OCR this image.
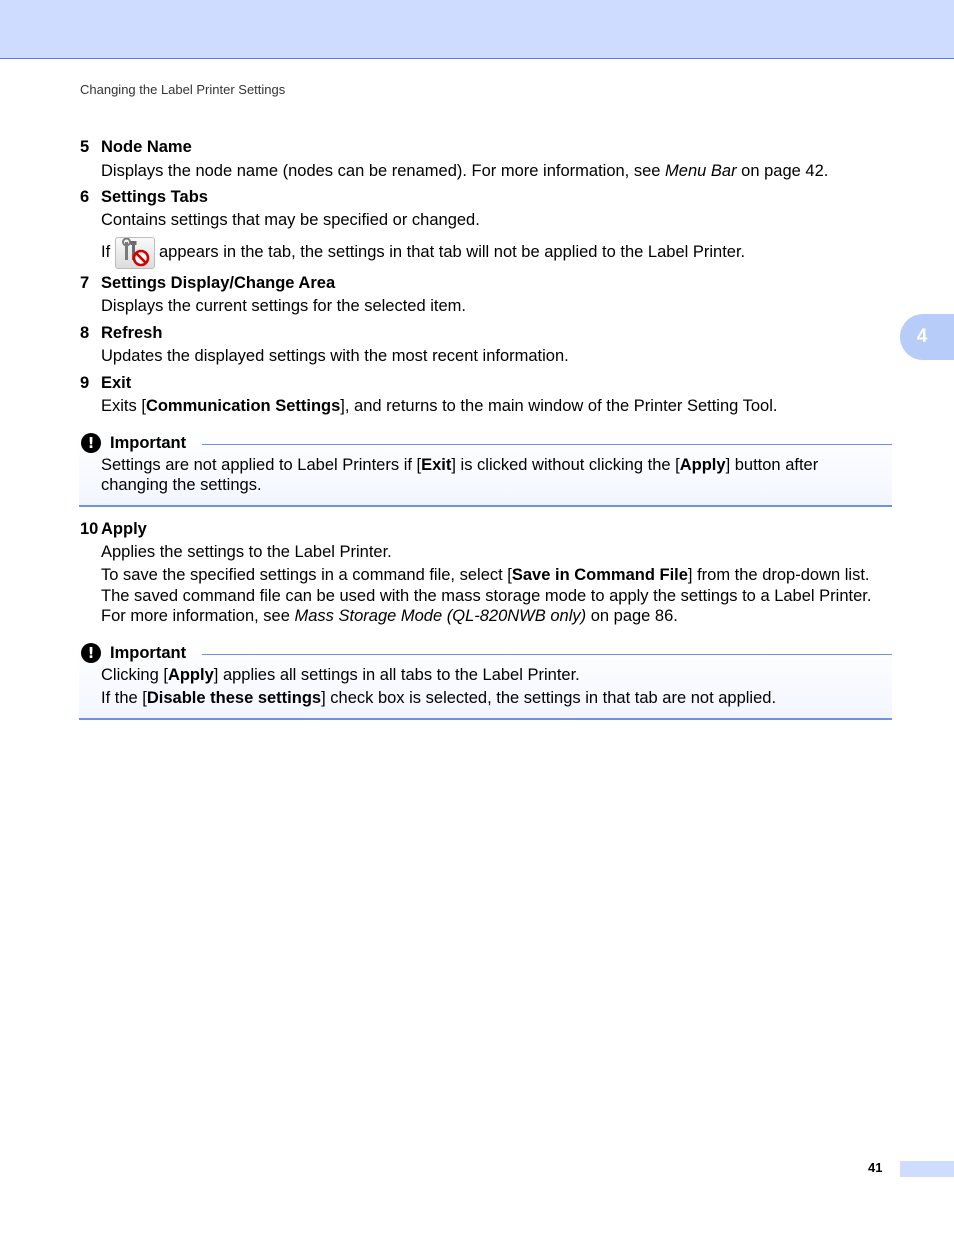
Changing the Label Printer Settings
4
5 Node Name
Displays the node name (nodes can be renamed). For more information, see Menu Bar on page 42.
6 Settings Tabs
Contains settings that may be specified or changed.
If	appears in the tab, the settings in that tab will not be applied to the Label Printer.
7 Settings Display/Change Area
Displays the current settings for the selected item.
8 Refresh
Updates the displayed settings with the most recent information.
9 Exit
Exits [Communication Settings], and returns to the main window of the Printer Setting Tool.
! Important
Settings are not applied to Label Printers if [Exit] is clicked without clicking the [Apply] button after
changing the settings.
10 Apply
Applies the settings to the Label Printer.
To save the specified settings in a command file, select [Save in Command File] from the drop-down list.
The saved command file can be used with the mass storage mode to apply the settings to a Label Printer.
For more information, see Mass Storage Mode (QL-820NWB only) on page 86.
! Important
Clicking [Apply] applies all settings in all tabs to the Label Printer.
If the [Disable these settings] check box is selected, the settings in that tab are not applied.
41
